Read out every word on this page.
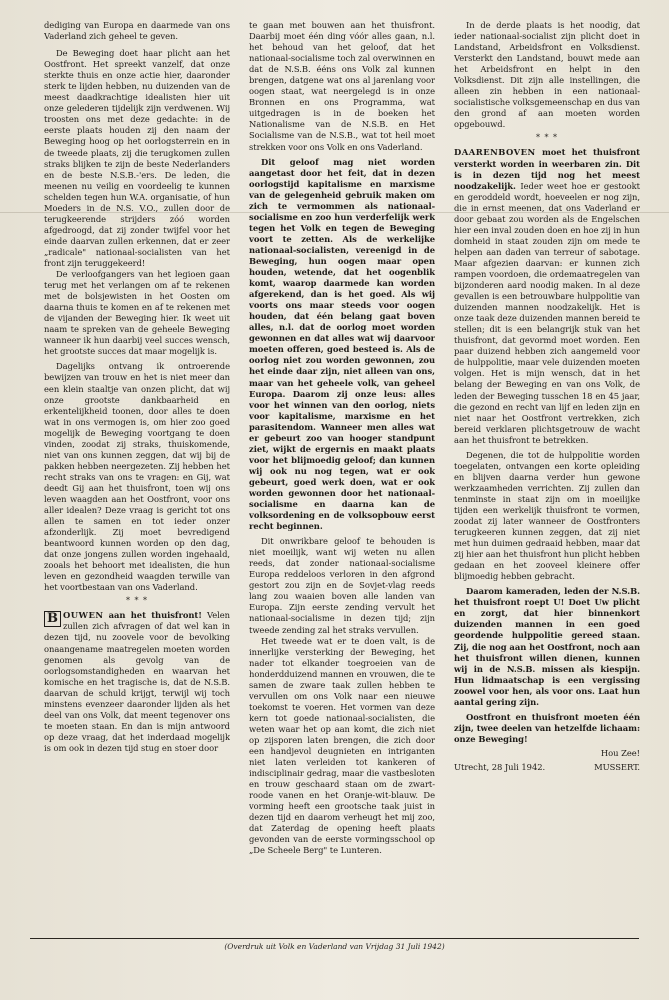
dediging van Europa en daarmede van ons Vaderland zich geheel te geven.

De Beweging doet haar plicht aan het Oostfront. Het spreekt vanzelf, dat onze sterkte thuis en onze actie hier, daaronder sterk te lijden hebben, nu duizenden van de meest daadkrachtige idealisten hier uit onze gelederen tijdelijk zijn verdwenen. Wij troosten ons met deze gedachte: in de eerste plaats houden zij den naam der Beweging hoog op het oorlogsterrein en in de tweede plaats, zij die terugkomen zullen straks blijken te zijn de beste Nederlanders en de beste N.S.B.-'ers. De leden, die meenen nu veilig en voordeelig te kunnen schelden tegen hun W.A. organisatie, of hun Moeders in de N.S. V.O., zullen door de terugkeerende strijders zóó worden afgedroogd, dat zij zonder twijfel voor het einde daarvan zullen erkennen, dat er zeer „radicale" nationaal-socialisten van het front zijn teruggekeerd!

De verloofgangers van het legioen gaan terug met het verlangen om af te rekenen met de bolsjewisten in het Oosten om daarna thuis te komen en af te rekenen met de vijanden der Beweging hier. Ik weet uit naam te spreken van de geheele Beweging wanneer ik hun daarbij veel succes wensch, het grootste succes dat maar mogelijk is.

Dagelijks ontvang ik ontroerende bewijzen van trouw en het is niet meer dan een klein staaltje van onzen plicht, dat wij onze grootste dankbaarheid en erkentelijkheid toonen, door alles te doen wat in ons vermogen is, om hier zoo goed mogelijk de Beweging voortgang te doen vinden, zoodat zij straks, thuiskomende, niet van ons kunnen zeggen, dat wij bij de pakken hebben neergezeten. Zij hebben het recht straks van ons te vragen: en Gij, wat deedt Gij aan het thuisfront, toen wij ons leven waagden aan het Oostfront, voor ons aller idealen? Deze vraag is gericht tot ons allen te samen en tot ieder onzer afzonderlijk. Zij moet bevredigend beantwoord kunnen worden op den dag, dat onze jongens zullen worden ingehaald, zooals het behoort met idealisten, die hun leven en gezondheid waagden terwille van het voortbestaan van ons Vaderland.

* * *

B OUWEN aan het thuisfront! Velen zullen zich afvragen of dat wel kan in dezen tijd, nu zoovele voor de bevolking onaangename maatregelen moeten worden genomen als gevolg van de oorlogsomstandigheden en waarvan het komische en het tragische is, dat de N.S.B. daarvan de schuld krijgt, terwijl wij toch minstens evenzeer daaronder lijden als het deel van ons Volk, dat meent tegenover ons te moeten staan. En dan is mijn antwoord op deze vraag, dat het inderdaad mogelijk is om ook in dezen tijd stug en stoer door

te gaan met bouwen aan het thuisfront. Daarbij moet één ding vóór alles gaan, n.l. het behoud van het geloof, dat het nationaal-socialisme toch zal overwinnen en dat de N.S.B. ééns ons Volk zal kunnen brengen, datgene wat ons al jarenlang voor oogen staat, wat neergelegd is in onze Bronnen en ons Programma, wat uitgedragen is in de boeken het Nationalisme van de N.S.B. en Het Socialisme van de N.S.B., wat tot heil moet strekken voor ons Volk en ons Vaderland.

Dit geloof mag niet worden aangetast door het feit, dat in dezen oorlogstijd kapitalisme en marxisme van de gelegenheid gebruik maken om zich te vermommen als nationaal-socialisme en zoo hun verderfelijk werk tegen het Volk en tegen de Beweging voort te zetten. Als de werkelijke nationaal-socialisten, vereenigd in de Beweging, hun oogen maar open houden, wetende, dat het oogenblik komt, waarop daarmede kan worden afgerekend, dan is het goed. Als wij voorts ons maar steeds voor oogen houden, dat één belang gaat boven alles, n.l. dat de oorlog moet worden gewonnen en dat alles wat wij daarvoor moeten offeren, goed besteed is. Als de oorlog niet zou worden gewonnen, zou het einde daar zijn, niet alleen van ons, maar van het geheele volk, van geheel Europa. Daarom zij onze leus: alles voor het winnen van den oorlog, niets voor kapitalisme, marxisme en het parasitendom. Wanneer men alles wat er gebeurt zoo van hooger standpunt ziet, wijkt de ergernis en maakt plaats voor het blijmoedig geloof; dan kunnen wij ook nu nog tegen, wat er ook gebeurt, goed werk doen, wat er ook worden gewonnen door het nationaal-socialisme en daarna kan de volksordening en de volksopbouw eerst recht beginnen.

Dit onwrikbare geloof te behouden is niet moeilijk, want wij weten nu allen reeds, dat zonder nationaal-socialisme Europa reddeloos verloren in den afgrond gestort zou zijn en de Sovjet-vlag reeds lang zou waaien boven alle landen van Europa. Zijn eerste zending vervult het nationaal-socialisme in dezen tijd; zijn tweede zending zal het straks vervullen.

Het tweede wat er te doen valt, is de innerlijke versterking der Beweging, het nader tot elkander toegroeien van de honderdduizend mannen en vrouwen, die te samen de zware taak zullen hebben te vervullen om ons Volk naar een nieuwe toekomst te voeren. Het vormen van deze kern tot goede nationaal-socialisten, die weten waar het op aan komt, die zich niet op zijsporen laten brengen, die zich door een handjevol deugnieten en intriganten niet laten verleiden tot kankeren of indisciplinair gedrag, maar die vastbesloten en trouw geschaard staan om de zwart-roode vanen en het Oranje-wit-blauw. De vorming heeft een grootsche taak juist in dezen tijd en daarom verheugt het mij zoo, dat Zaterdag de opening heeft plaats gevonden van de eerste vormingsschool op „De Scheele Berg" te Lunteren.

In de derde plaats is het noodig, dat ieder nationaal-socialist zijn plicht doet in Landstand, Arbeidsfront en Volksdienst. Versterkt den Landstand, bouwt mede aan het Arbeidsfront en helpt in den Volksdienst. Dit zijn alle instellingen, die alleen zin hebben in een nationaal-socialistische volksgemeenschap en dus van den grond af aan moeten worden opgebouwd.

* * *

DAARENBOVEN moet het thuisfront versterkt worden in weerbaren zin. Dit is in dezen tijd nog het meest noodzakelijk. Ieder weet hoe er gestookt en geroddeld wordt, hoeveelen er nog zijn, die in ernst meenen, dat ons Vaderland er door gebaat zou worden als de Engelschen hier een inval zouden doen en hoe zij in hun domheid in staat zouden zijn om mede te helpen aan daden van terreur of sabotage. Maar afgezien daarvan: er kunnen zich rampen voordoen, die ordemaatregelen van bijzonderen aard noodig maken. In al deze gevallen is een betrouwbare hulppolitie van duizenden mannen noodzakelijk. Het is onze taak deze duizenden mannen bereid te stellen; dit is een belangrijk stuk van het thuisfront, dat gevormd moet worden. Een paar duizend hebben zich aangemeld voor de hulppolitie, maar vele duizenden moeten volgen. Het is mijn wensch, dat in het belang der Beweging en van ons Volk, de leden der Beweging tusschen 18 en 45 jaar, die gezond en recht van lijf en leden zijn en niet naar het Oostfront vertrekken, zich bereid verklaren plichtsgetrouw de wacht aan het thuisfront te betrekken.

Degenen, die tot de hulppolitie worden toegelaten, ontvangen een korte opleiding en blijven daarna verder hun gewone werkzaamheden verrichten. Zij zullen dan tenminste in staat zijn om in moeilijke tijden een werkelijk thuisfront te vormen, zoodat zij later wanneer de Oostfronters terugkeeren kunnen zeggen, dat zij niet met hun duimen gedraaid hebben, maar dat zij hier aan het thuisfront hun plicht hebben gedaan en het zooveel kleinere offer blijmoedig hebben gebracht.

Daarom kameraden, leden der N.S.B. het thuisfront roept U! Doet Uw plicht en zorgt, dat hier binnenkort duizenden mannen in een goed geordende hulppolitie gereed staan. Zij, die nog aan het Oostfront, noch aan het thuisfront willen dienen, kunnen wij in de N.S.B. missen als kiespijn. Hun lidmaatschap is een vergissing zoowel voor hen, als voor ons. Laat hun aantal gering zijn.

Oostfront en thuisfront moeten één zijn, twee deelen van hetzelfde lichaam: onze Beweging!

Hou Zee!
Utrecht, 28 Juli 1942.	MUSSERT.
(Overdruk uit Volk en Vaderland van Vrijdag 31 Juli 1942)
